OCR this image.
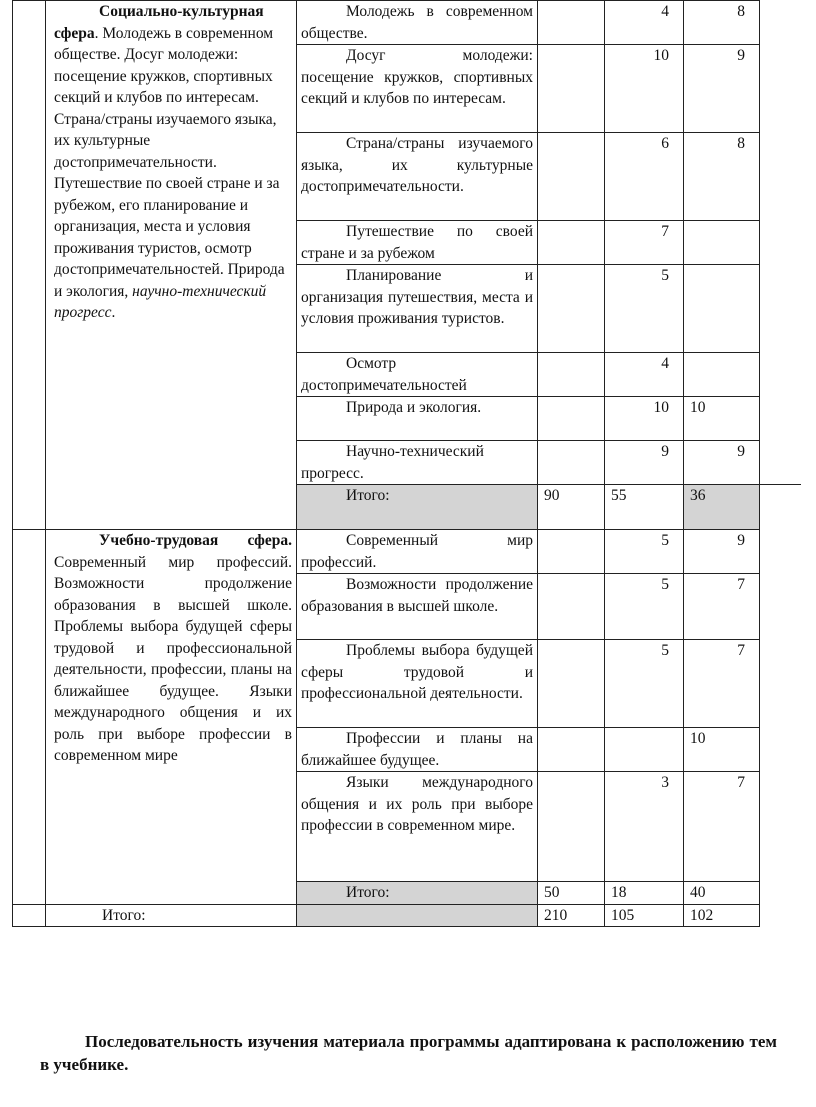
	Социально-культурная сфера. Молодежь в современном обществе. Досуг молодежи: посещение кружков, спортивных секций и клубов по интересам. Страна/страны изучаемого языка, их культурные достопримечательности. Путешествие по своей стране и за рубежом, его планирование и организация, места и условия проживания туристов, осмотр достопримечательностей. Природа и экология, научно-технический прогресс.	Молодежь в современном обществе.		4	8
		Досуг молодежи: посещение кружков, спортивных секций и клубов по интересам.		10	9
		Страна/страны изучаемого языка, их культурные достопримечательности.		6	8
		Путешествие по своей стране и за рубежом		7	
		Планирование и организация путешествия, места и условия проживания туристов.		5	
		Осмотр достопримечательностей		4	
		Природа и экология.		10	10
		Научно-технический прогресс.		9	9
		Итого:	90	55	36
	Учебно-трудовая сфера. Современный мир профессий. Возможности продолжение образования в высшей школе. Проблемы выбора будущей сферы трудовой и профессиональной деятельности, профессии, планы на ближайшее будущее. Языки международного общения и их роль при выборе профессии в современном мире	Современный мир профессий.		5	9
		Возможности продолжение образования в высшей школе.		5	7
		Проблемы выбора будущей сферы трудовой и профессиональной деятельности.		5	7
		Профессии и планы на ближайшее будущее.			10
		Языки международного общения и их роль при выборе профессии в современном мире.		3	7
		Итого:	50	18	40
	Итого:		210	105	102
Последовательность изучения материала программы адаптирована к расположению тем в учебнике.
